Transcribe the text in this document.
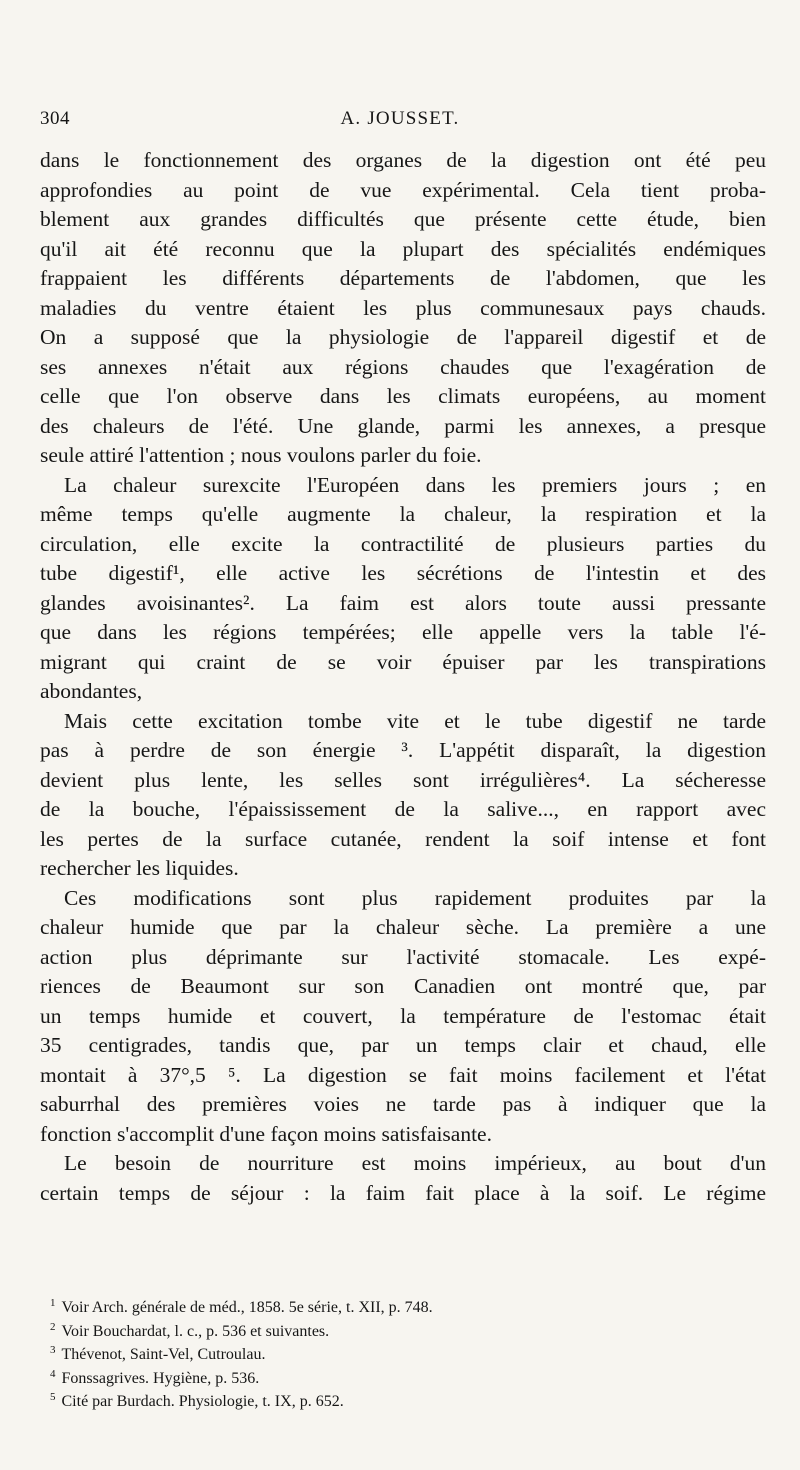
304	A. JOUSSET.
dans le fonctionnement des organes de la digestion ont été peu
approfondies au point de vue expérimental. Cela tient proba-
blement aux grandes difficultés que présente cette étude, bien
qu'il ait été reconnu que la plupart des spécialités endémiques
frappaient les différents départements de l'abdomen, que les
maladies du ventre étaient les plus communesaux pays chauds.
On a supposé que la physiologie de l'appareil digestif et de
ses annexes n'était aux régions chaudes que l'exagération de
celle que l'on observe dans les climats européens, au moment
des chaleurs de l'été. Une glande, parmi les annexes, a presque
seule attiré l'attention ; nous voulons parler du foie.
La chaleur surexcite l'Européen dans les premiers jours ; en
même temps qu'elle augmente la chaleur, la respiration et la
circulation, elle excite la contractilité de plusieurs parties du
tube digestif¹, elle active les sécrétions de l'intestin et des
glandes avoisinantes². La faim est alors toute aussi pressante
que dans les régions tempérées; elle appelle vers la table l'é-
migrant qui craint de se voir épuiser par les transpirations
abondantes,
Mais cette excitation tombe vite et le tube digestif ne tarde
pas à perdre de son énergie ³. L'appétit disparaît, la digestion
devient plus lente, les selles sont irrégulières⁴. La sécheresse
de la bouche, l'épaississement de la salive..., en rapport avec
les pertes de la surface cutanée, rendent la soif intense et font
rechercher les liquides.
Ces modifications sont plus rapidement produites par la
chaleur humide que par la chaleur sèche. La première a une
action plus déprimante sur l'activité stomacale. Les expé-
riences de Beaumont sur son Canadien ont montré que, par
un temps humide et couvert, la température de l'estomac était
35 centigrades, tandis que, par un temps clair et chaud, elle
montait à 37°,5 ⁵. La digestion se fait moins facilement et l'état
saburrhal des premières voies ne tarde pas à indiquer que la
fonction s'accomplit d'une façon moins satisfaisante.
Le besoin de nourriture est moins impérieux, au bout d'un
certain temps de séjour : la faim fait place à la soif. Le régime
$^1$ Voir Arch. générale de méd., 1858. 5e série, t. XII, p. 748.
$^2$ Voir Bouchardat, l. c., p. 536 et suivantes.
$^3$ Thévenot, Saint-Vel, Cutroulau.
$^4$ Fonssagrives. Hygiène, p. 536.
$^5$ Cité par Burdach. Physiologie, t. IX, p. 652.
